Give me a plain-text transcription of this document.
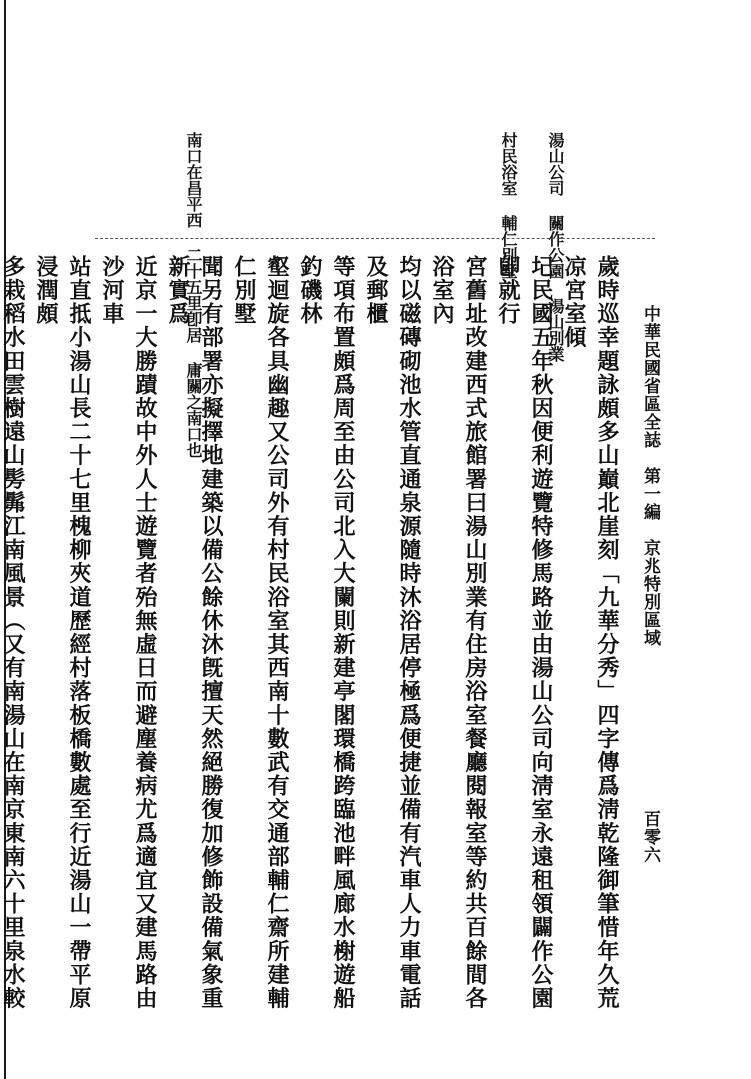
中華民國省區全誌　第一編　京兆特別區域
百零六
湯山公司 關作公園 湯山別業
村民浴室 輔仁別墅
南口在昌平西 二十五里卽居 庸關之南口也	歲時巡幸題詠頗多山巔北崖刻「九華分秀」四字傳爲淸乾隆御筆惜年久荒凉宮室傾
圮民國五年秋因便利遊覽特修馬路並由湯山公司向淸室永遠租領闢作公園卽就行
宮舊址改建西式旅館署曰湯山別業有住房浴室餐廳閱報室等約共百餘間各浴室內
均以磁磚砌池水管直通泉源隨時沐浴居停極爲便捷並備有汽車人力車電話及郵櫃
等項布置頗爲周至由公司北入大闌則新建亭閣環橋跨臨池畔風廊水榭遊船釣磯林
壑迴旋各具幽趣又公司外有村民浴室其西南十數武有交通部輔仁齋所建輔仁別墅
聞另有部署亦擬擇地建築以備公餘休沐旣擅天然絕勝復加修飾設備氣象重新實爲
近京一大勝蹟故中外人士遊覽者殆無虛日而避塵養病尤爲適宜又建馬路由沙河車
站直抵小湯山長二十七里槐柳夾道歷經村落板橋數處至行近湯山一帶平原浸潤頗
多栽稻水田雲樹遠山髣髴江南風景（又有南湯山在南京東南六十里泉水較
